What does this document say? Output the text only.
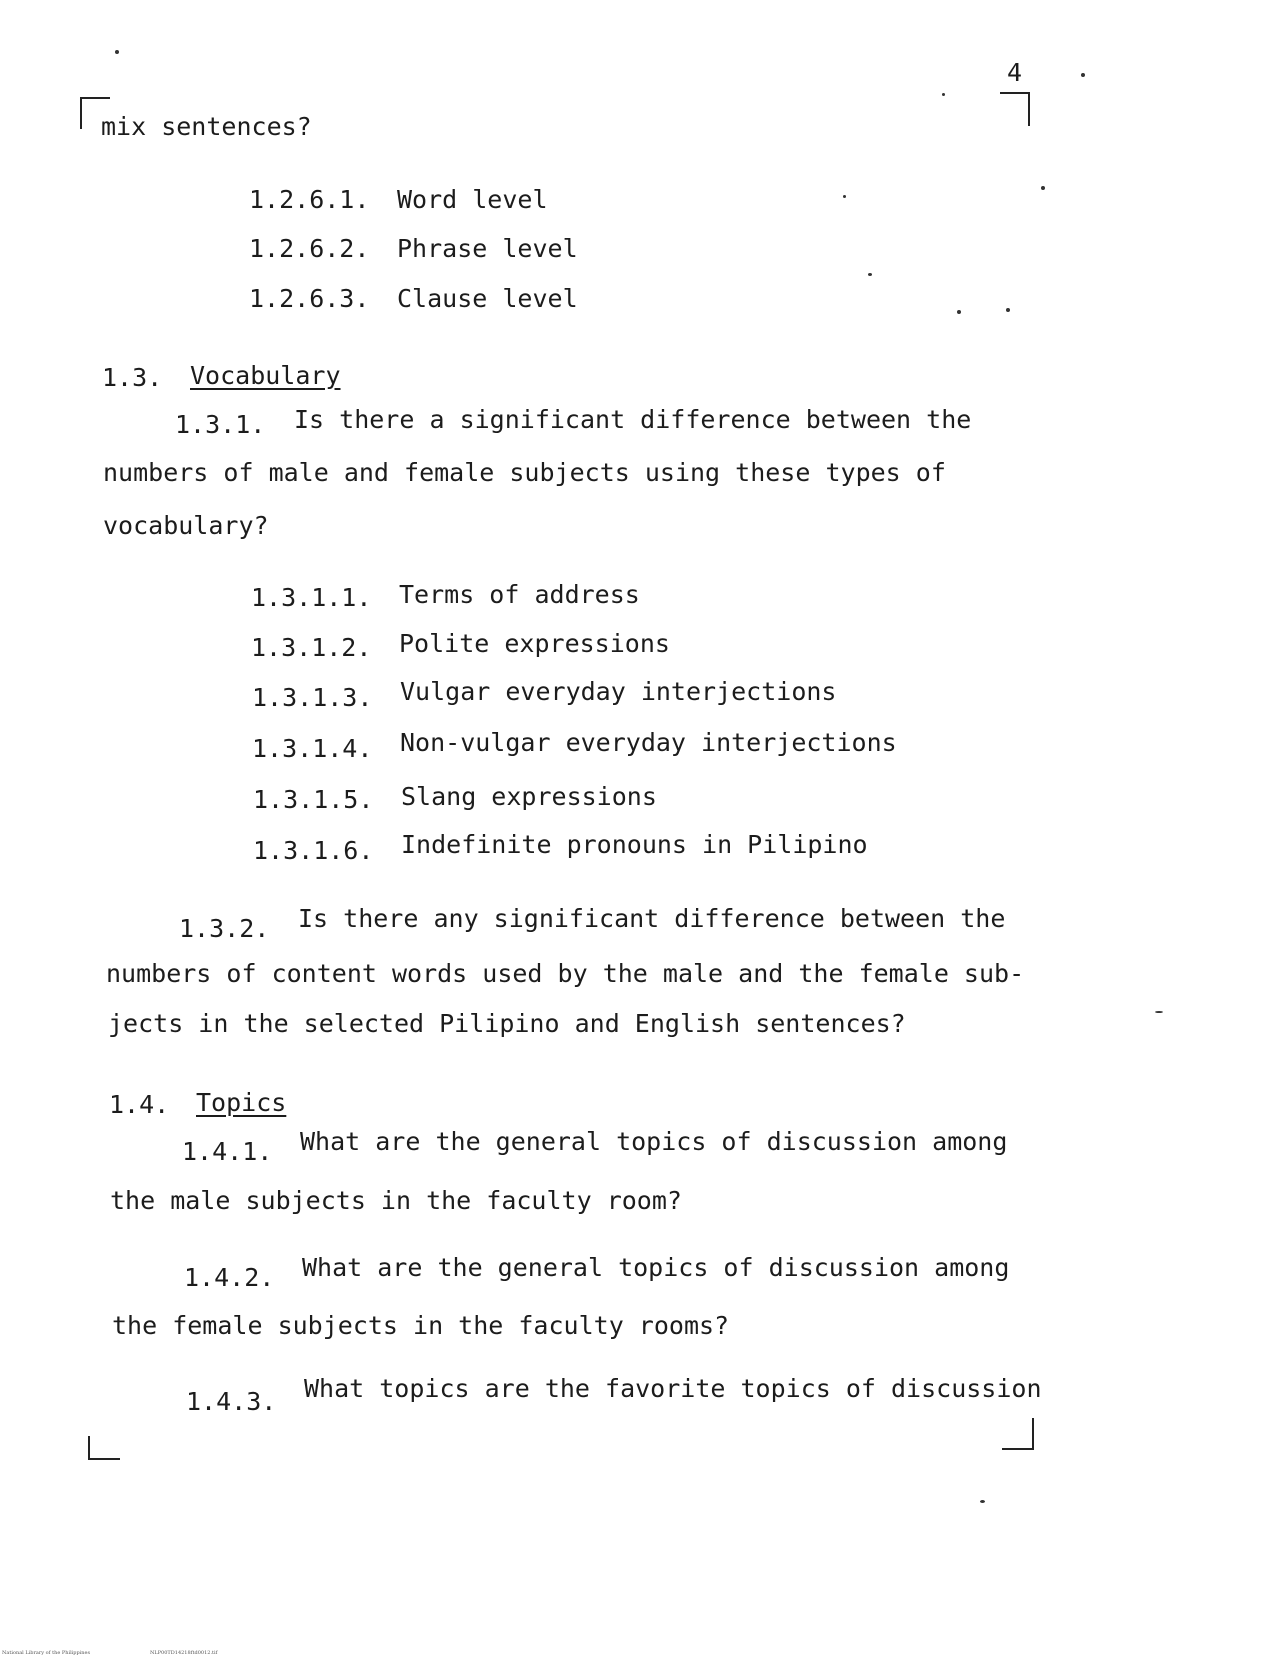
4
mix sentences?
1.2.6.1. Word level
1.2.6.2. Phrase level
1.2.6.3. Clause level
1.3. Vocabulary
1.3.1. Is there a significant difference between the
numbers of male and female subjects using these types of
vocabulary?
1.3.1.1. Terms of address
1.3.1.2. Polite expressions
1.3.1.3. Vulgar everyday interjections
1.3.1.4. Non-vulgar everyday interjections
1.3.1.5. Slang expressions
1.3.1.6. Indefinite pronouns in Pilipino
1.3.2. Is there any significant difference between the
numbers of content words used by the male and the female sub-
jects in the selected Pilipino and English sentences?
1.4. Topics
1.4.1. What are the general topics of discussion among
the male subjects in the faculty room?
1.4.2. What are the general topics of discussion among
the female subjects in the faculty rooms?
1.4.3. What topics are the favorite topics of discussion
National Library of the Philippines	NLP00TD14218ftd0012.tif
